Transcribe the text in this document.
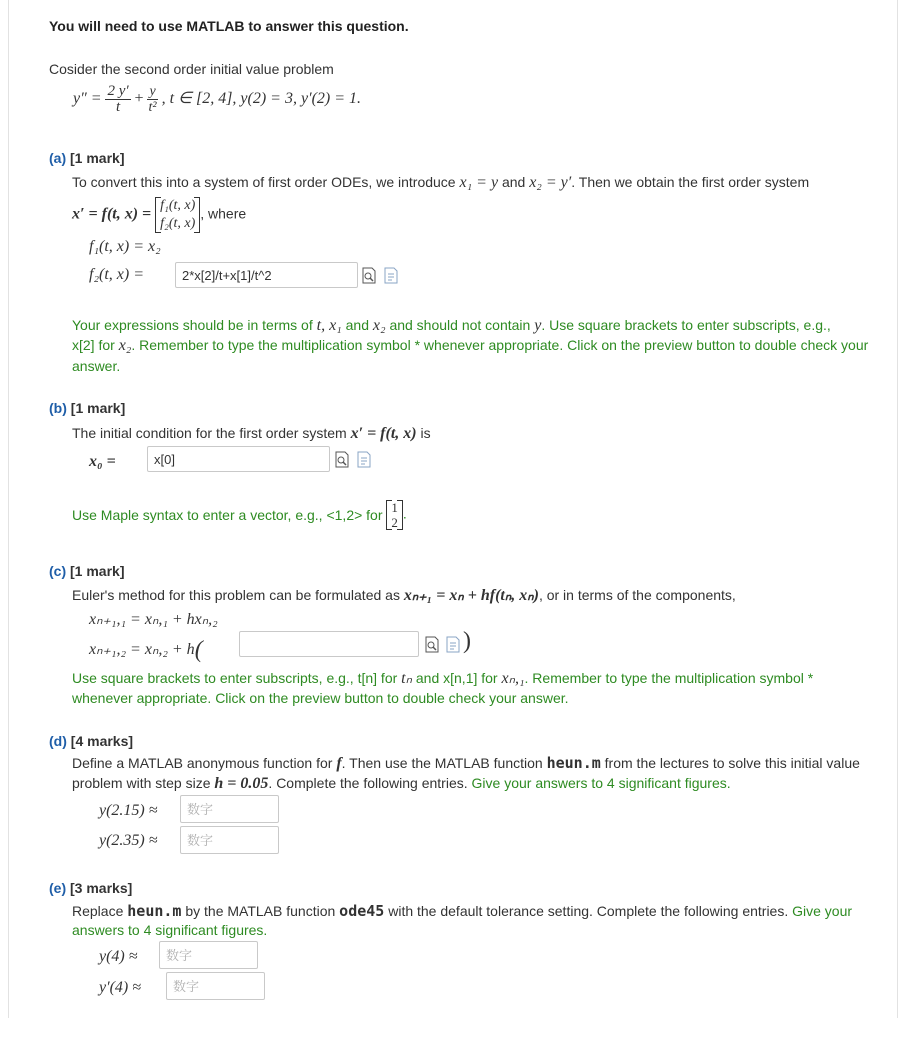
You will need to use MATLAB to answer this question.
Cosider the second order initial value problem
$y'' = \frac{2 y'}{t} + \frac{y}{\text{t²}}$ , t ∈ [2, 4], y(2) = 3, y′(2) = 1.
(a) [1 mark]
To convert this into a system of first order ODEs, we introduce x₁ = y and x₂ = y′. Then we obtain the first order system
x′ = f(t, x) =
f₁(t, x)
f₂(t, x)
, where
f₁(t, x) = x₂
f₂(t, x) =
2*x[2]/t+x[1]/t^2
Your expressions should be in terms of t, x₁ and x₂ and should not contain y. Use square brackets to enter subscripts, e.g.,
x[2] for x₂. Remember to type the multiplication symbol * whenever appropriate. Click on the preview button to double check your
answer.
(b) [1 mark]
The initial condition for the first order system x′ = f(t, x) is
x₀ =
x[0]
Use Maple syntax to enter a vector, e.g., <1,2> for 1
2
.
(c) [1 mark]
Euler's method for this problem can be formulated as xₙ₊₁ = xₙ + hf(tₙ, xₙ), or in terms of the components,
xₙ₊₁,₁ = xₙ,₁ + hxₙ,₂
xₙ₊₁,₂ = xₙ,₂ + h(	)
Use square brackets to enter subscripts, e.g., t[n] for tₙ and x[n,1] for xₙ,₁. Remember to type the multiplication symbol *
whenever appropriate. Click on the preview button to double check your answer.
(d) [4 marks]
Define a MATLAB anonymous function for f. Then use the MATLAB function heun.m from the lectures to solve this initial value
problem with step size h = 0.05. Complete the following entries. Give your answers to 4 significant figures.
y(2.15) ≈
数字
y(2.35) ≈
数字
(e) [3 marks]
Replace heun.m by the MATLAB function ode45 with the default tolerance setting. Complete the following entries. Give your
answers to 4 significant figures.
y(4) ≈
数字
y′(4) ≈
数字
